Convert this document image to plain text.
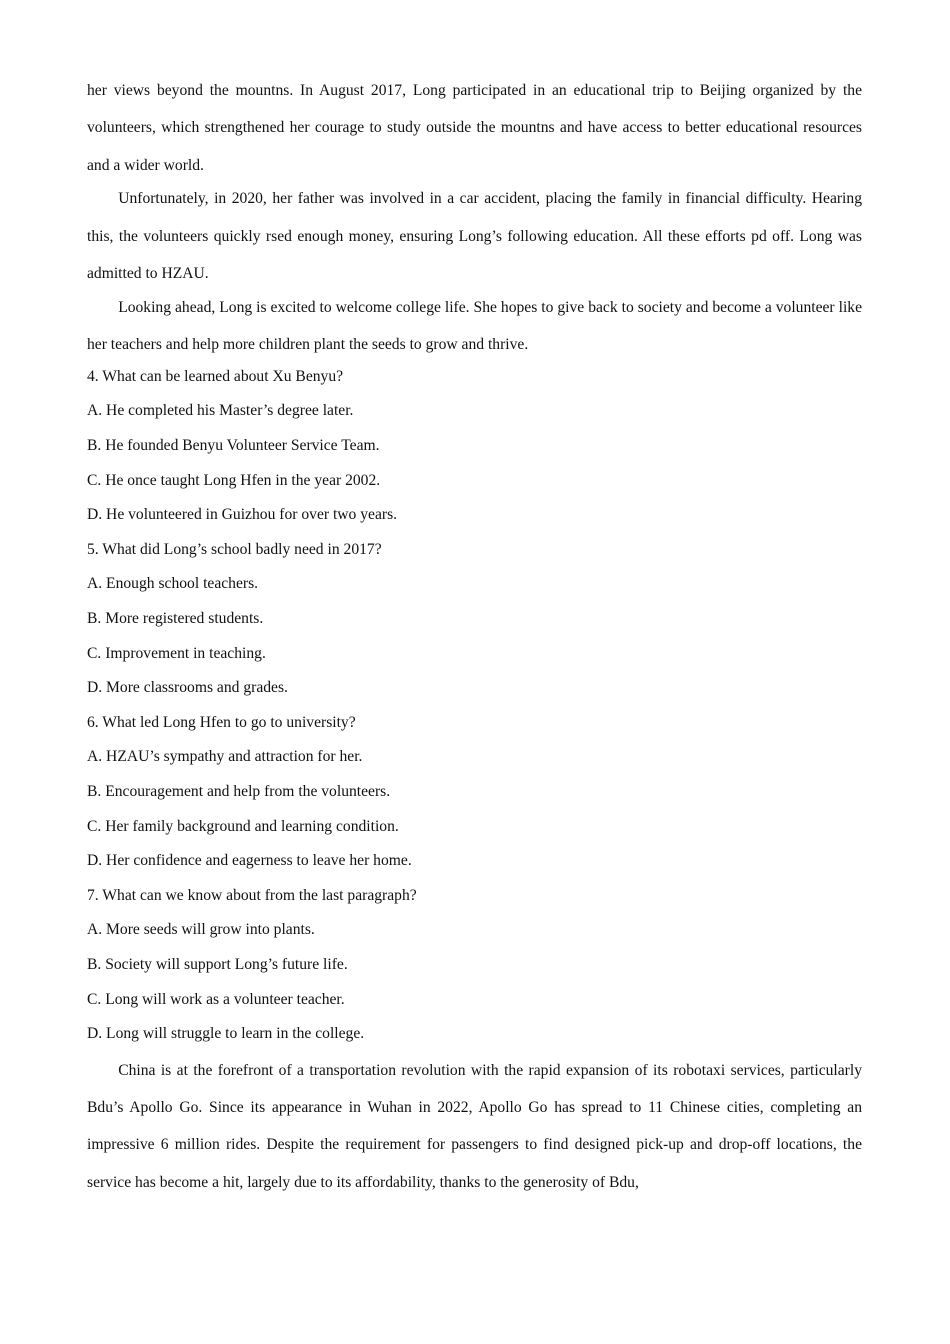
her views beyond the mountns. In August 2017, Long participated in an educational trip to Beijing organized by the volunteers, which strengthened her courage to study outside the mountns and have access to better educational resources and a wider world.

Unfortunately, in 2020, her father was involved in a car accident, placing the family in financial difficulty. Hearing this, the volunteers quickly rsed enough money, ensuring Long’s following education. All these efforts pd off. Long was admitted to HZAU.

Looking ahead, Long is excited to welcome college life. She hopes to give back to society and become a volunteer like her teachers and help more children plant the seeds to grow and thrive.

4. What can be learned about Xu Benyu?

A. He completed his Master’s degree later.

B. He founded Benyu Volunteer Service Team.

C. He once taught Long Hfen in the year 2002.

D. He volunteered in Guizhou for over two years.

5. What did Long’s school badly need in 2017?

A. Enough school teachers.

B. More registered students.

C. Improvement in teaching.

D. More classrooms and grades.

6. What led Long Hfen to go to university?

A. HZAU’s sympathy and attraction for her.

B. Encouragement and help from the volunteers.

C. Her family background and learning condition.

D. Her confidence and eagerness to leave her home.

7. What can we know about from the last paragraph?

A. More seeds will grow into plants.

B. Society will support Long’s future life.

C. Long will work as a volunteer teacher.

D. Long will struggle to learn in the college.

China is at the forefront of a transportation revolution with the rapid expansion of its robotaxi services, particularly Bdu’s Apollo Go. Since its appearance in Wuhan in 2022, Apollo Go has spread to 11 Chinese cities, completing an impressive 6 million rides. Despite the requirement for passengers to find designed pick-up and drop-off locations, the service has become a hit, largely due to its affordability, thanks to the generosity of Bdu,
